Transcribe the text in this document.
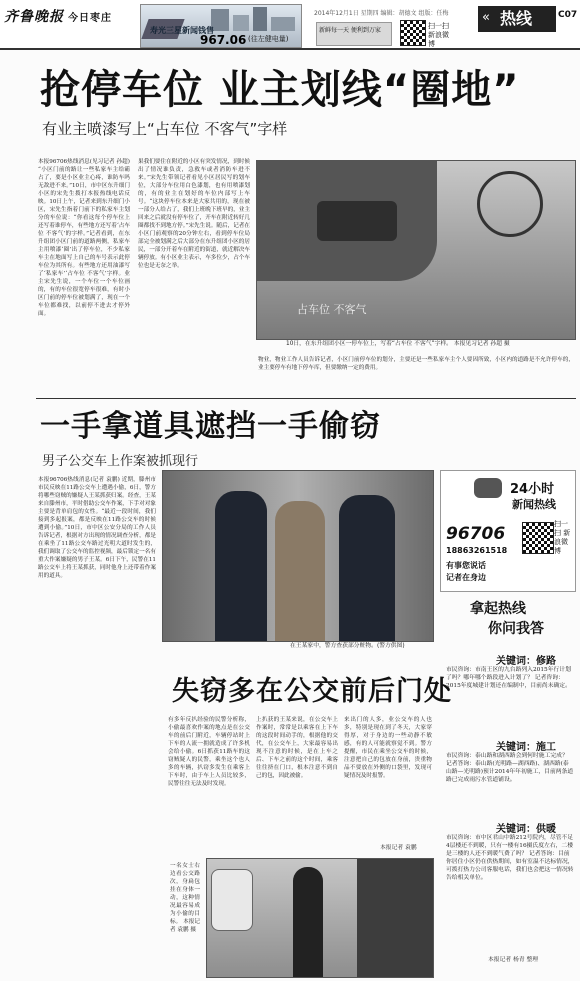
齐鲁晚报 今日枣庄
寿光三星新闻钱售
967.06 (往左健电量)
2014年12月1日 星期四 编辑：胡德文 组版：任梅
新鲜每一天 便利到万家
扫一扫 新浪微博
热线
«	C07
抢停车位 业主划线“圈地”
有业主喷漆写上“占车位 不客气”字样
本报96706热线消息(见习记者 孙超) “小区门前的路让一些私家车主给霸占了，要是小区业主心疼，谁防车吗无敌进不来。”10日，市中区东升细门小区的宋先生拨打本报热线电话反映。10日上午，记者来到东升细门小区，宋先生指着门前下的私家车主划分的车位说：“你看这每个停车位上还写着谁停车，有些地方还写着‘占车位 不客气’的字样。”记者看到，在东升组团小区门前的道路两侧，私家车主用喷漆‘圈’出了停车位，不少私家车主在地面写上自己的车号表示此停车位为其所有。有些地方还用油漆写了‘私家车’‘占车位 不客气’字样。业主宋先生说，一个车位一个车位画的，有的车位很宽停车很难，有时小区门前的停车位被划满了，现在一个车位都难找，以前停不进去才停外面。
果我们要住在附近的小区有突发情况，到时候出了情况谁负责，急救车或者消防车进不来。”宋先生带领记者看见小区居民写的划车位，大部分车位用白色漆划，也有用喷漆划的，有的业主在划好的车位内部写上车号。“这块停车位本来是大家共用的，现在被一部分人给占了，我们上班晚下班早的，业主回来之后就没有停车位了，开车在附近转好几圈都找不到地方停。”宋先生说。随后，记者在小区门前观察的20分钟左右，看到停车位局部完全被划满之后大部分在东升组团小区的居民，一部分开着车在附近的街道，就近解决车辆停放。有小区业主表示，车多位少，占个车位也是无奈之举。
占车位 不客气
10日，在东升组团小区一停车位上，写着“占车位 不客气”字样。 本报见习记者 孙超 摄
物业，物业工作人员告诉记者，小区门前停车位的划分，主要还是一些私家车主个人要因所致，小区内的道路是不允许停车的，业主要停车有地下停车库，但要缴纳一定的费用。
一手拿道具遮挡一手偷窃
男子公交车上作案被抓现行
本报96706热线消息(记者 袁鹏) 近期，滕州市市民反映在11路公交车上遭遇小偷，6日，警方将哪些窃贼的嫌疑人王某抓获归案。经查，王某来自滕州市，平时借助公交车作案，下手对对象主要是背单肩包的女性。“最近一段时间，我们接到多起报案，都是反映在11路公交车的时候遭到小偷。”10日，市中区公安分局的工作人员告诉记者，根据对方出现的情况调查分析，都是在乘坐了11路公交车路过光明大道时发生的，我们调取了公交车的监控视频，最后锁定一名有重大作案嫌疑的男子王某。6日下午，民警在11路公交车上将王某抓获，同时他身上还带着作案用的道具。
在王某家中，警方查获部分赃物。(警方供图)
失窃多在公交前后门处
有多年反扒经验的民警分析称，小偷最喜欢作案的地点是在公交车的前后门附近，车辆停站时上下车的人流一拥就造成了许多机会给小偷。6日抓获11路车的这窃贼疑人的民警，乘坐这个也人多的车辆，扒窃多发生在乘客上下车时，由于车上人员比较多，民警往往无法及时发现。
上扒获的王某来说，在公交车上作案时，常常是以乘客在上下车的这段时间动手的，根据他的交代，在公交车上，大家最容易出现不注意的时候，是在上车之后、下车之前的这个时间，乘客往往挤在门口，根本注意不到自己的包，因此被偷。
来出门的人多，业公交车的人也多，特别是现在到了冬天，大家穿得厚，对于身边的一些动静不敏感，有的人可能就察觉不到。警方提醒，市民在乘坐公交车的时候，注意把自己的包放在身前，贵重物品不要放在外侧的口袋里，发现可疑情况及时报警。
本报记者 袁鹏
一名女士右边看公交路次，身扁包挂在身体一动，这种情况最容易成为小偷的目标。 本报记者 袁鹏 摄
24小时
新闻热线
96706
18863261518
有事您说话
记者在身边
扫一扫 新浪微博
拿起热线
你问我答
关键词：修路
市民咨询：市南王区的九台路列入2015年行计划了吗？哪年哪个路段进入计划了？ 记者咨询：2015年度城建计划还在编制中，目前尚未确定。
关键词：施工
市民咨询：泰山路和湖西路会到何时施工完成？ 记者答询：泰山路(光明路—湖西路)、湖西路(泰山路—光明路)预计2014年年初施工，目前两条道路已完成雨污水管道铺设。
关键词：供暖
市民咨询：市中区君山中路212号院内，尽管不足4层楼还不到暖，只有一楼有16摄氏度左右，二楼是三楼的人还不到暖气费了吗？ 记者答询：目前你居住小区仍在供热期间，如有室温不达标情况，可拨打热力公司客服电话，我们也会把这一情况转告给相关单位。
本报记者 杨青 整理
